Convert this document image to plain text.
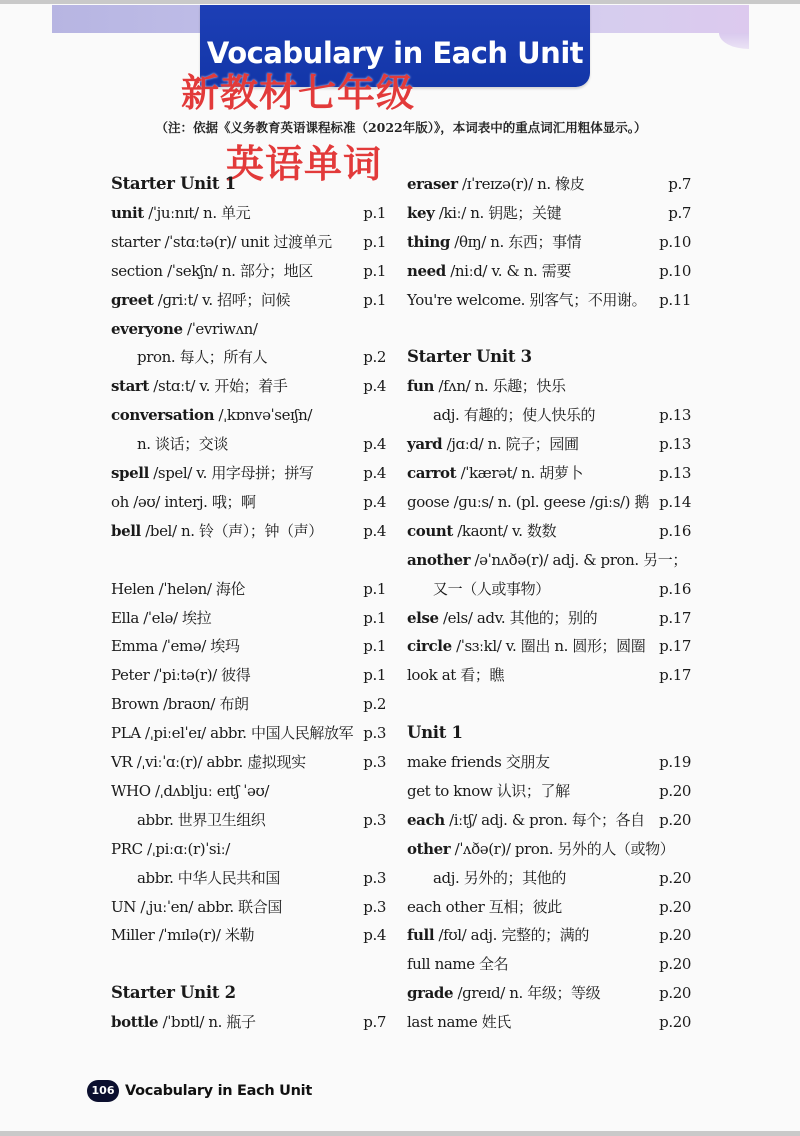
Vocabulary in Each Unit
新教材七年级
（注：依据《义务教育英语课程标准（2022年版）》，本词表中的重点词汇用粗体显示。）
英语单词
Starter Unit 1
unit /ˈjuːnɪt/ n. 单元	p.1
starter /ˈstɑːtə(r)/ unit 过渡单元 p.1
section /ˈsekʃn/ n. 部分；地区	p.1
greet /ɡriːt/ v. 招呼；问候	p.1
everyone /ˈevriwʌn/
pron. 每人；所有人	p.2
start /stɑːt/ v. 开始；着手	p.4
conversation /ˌkɒnvəˈseɪʃn/
n. 谈话；交谈	p.4
spell /spel/ v. 用字母拼；拼写	p.4
oh /əʊ/ interj. 哦；啊	p.4
bell /bel/ n. 铃（声）；钟（声）	p.4
Helen /ˈhelən/ 海伦	p.1
Ella /ˈelə/ 埃拉	p.1
Emma /ˈemə/ 埃玛	p.1
Peter /ˈpiːtə(r)/ 彼得	p.1
Brown /braʊn/ 布朗	p.2
PLA /ˌpiːelˈeɪ/ abbr. 中国人民解放军 p.3
VR /ˌviːˈɑː(r)/ abbr. 虚拟现实	p.3
WHO /ˌdʌbljuː eɪtʃ ˈəʊ/
abbr. 世界卫生组织	p.3
PRC /ˌpiːɑː(r)ˈsiː/
abbr. 中华人民共和国	p.3
UN /ˌjuːˈen/ abbr. 联合国	p.3
Miller /ˈmɪlə(r)/ 米勒	p.4
Starter Unit 2
bottle /ˈbɒtl/ n. 瓶子	p.7
eraser /ɪˈreɪzə(r)/ n. 橡皮	p.7
key /kiː/ n. 钥匙；关键	p.7
thing /θɪŋ/ n. 东西；事情	p.10
need /niːd/ v. & n. 需要	p.10
You're welcome. 别客气；不用谢。 p.11
Starter Unit 3
fun /fʌn/ n. 乐趣；快乐
adj. 有趣的；使人快乐的	p.13
yard /jɑːd/ n. 院子；园圃	p.13
carrot /ˈkærət/ n. 胡萝卜	p.13
goose /ɡuːs/ n. (pl. geese /ɡiːs/) 鹅 p.14
count /kaʊnt/ v. 数数	p.16
another /əˈnʌðə(r)/ adj. & pron. 另一；
又一（人或事物）	p.16
else /els/ adv. 其他的；别的	p.17
circle /ˈsɜːkl/ v. 圈出 n. 圆形；圆圈 p.17
look at 看；瞧	p.17
Unit 1
make friends 交朋友	p.19
get to know 认识；了解	p.20
each /iːtʃ/ adj. & pron. 每个；各自 p.20
other /ˈʌðə(r)/ pron. 另外的人（或物）
adj. 另外的；其他的	p.20
each other 互相；彼此	p.20
full /fʊl/ adj. 完整的；满的	p.20
full name 全名	p.20
grade /ɡreɪd/ n. 年级；等级	p.20
last name 姓氏	p.20
106 Vocabulary in Each Unit
